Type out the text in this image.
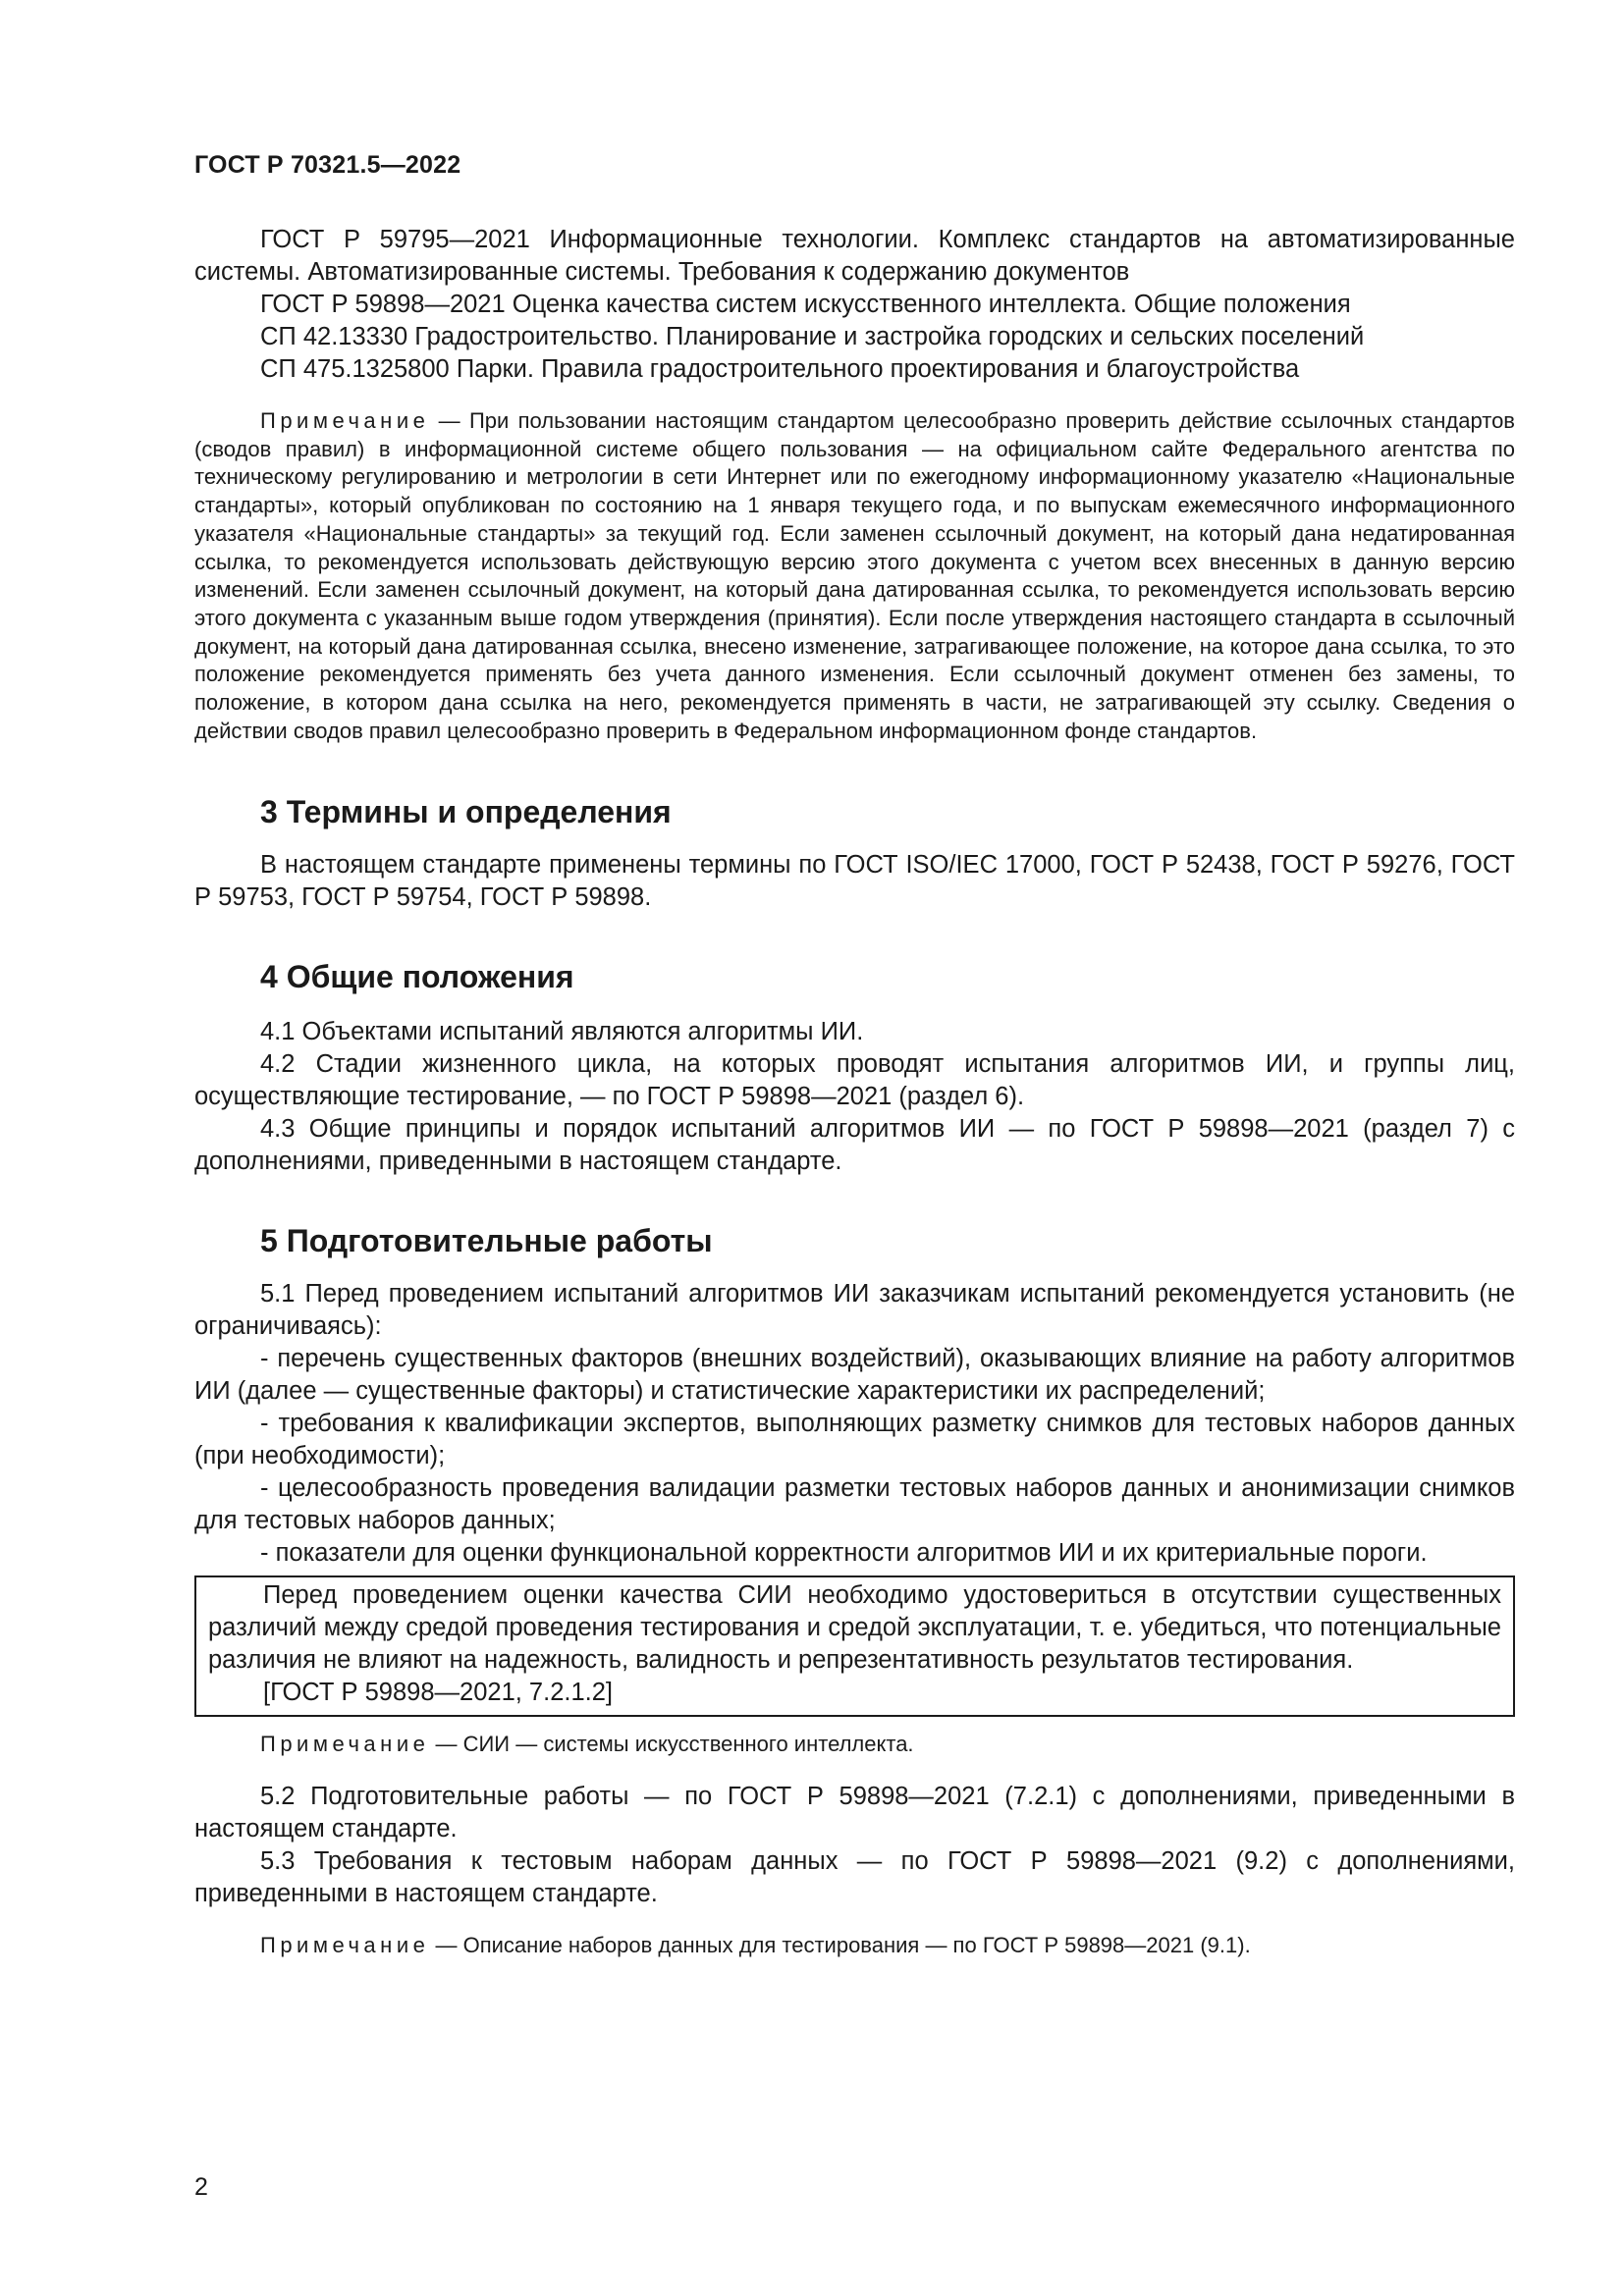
ГОСТ Р 70321.5—2022

ГОСТ Р 59795—2021 Информационные технологии. Комплекс стандартов на автоматизированные системы. Автоматизированные системы. Требования к содержанию документов

ГОСТ Р 59898—2021 Оценка качества систем искусственного интеллекта. Общие положения

СП 42.13330 Градостроительство. Планирование и застройка городских и сельских поселений

СП 475.1325800 Парки. Правила градостроительного проектирования и благоустройства

Примечание — При пользовании настоящим стандартом целесообразно проверить действие ссылочных стандартов (сводов правил) в информационной системе общего пользования — на официальном сайте Федерального агентства по техническому регулированию и метрологии в сети Интернет или по ежегодному информационному указателю «Национальные стандарты», который опубликован по состоянию на 1 января текущего года, и по выпускам ежемесячного информационного указателя «Национальные стандарты» за текущий год. Если заменен ссылочный документ, на который дана недатированная ссылка, то рекомендуется использовать действующую версию этого документа с учетом всех внесенных в данную версию изменений. Если заменен ссылочный документ, на который дана датированная ссылка, то рекомендуется использовать версию этого документа с указанным выше годом утверждения (принятия). Если после утверждения настоящего стандарта в ссылочный документ, на который дана датированная ссылка, внесено изменение, затрагивающее положение, на которое дана ссылка, то это положение рекомендуется применять без учета данного изменения. Если ссылочный документ отменен без замены, то положение, в котором дана ссылка на него, рекомендуется применять в части, не затрагивающей эту ссылку. Сведения о действии сводов правил целесообразно проверить в Федеральном информационном фонде стандартов.
3 Термины и определения

В настоящем стандарте применены термины по ГОСТ ISO/IEC 17000, ГОСТ Р 52438, ГОСТ Р 59276, ГОСТ Р 59753, ГОСТ Р 59754, ГОСТ Р 59898.

4 Общие положения

4.1 Объектами испытаний являются алгоритмы ИИ.

4.2 Стадии жизненного цикла, на которых проводят испытания алгоритмов ИИ, и группы лиц, осуществляющие тестирование, — по ГОСТ Р 59898—2021 (раздел 6).

4.3 Общие принципы и порядок испытаний алгоритмов ИИ — по ГОСТ Р 59898—2021 (раздел 7) с дополнениями, приведенными в настоящем стандарте.

5 Подготовительные работы

5.1 Перед проведением испытаний алгоритмов ИИ заказчикам испытаний рекомендуется установить (не ограничиваясь):

- перечень существенных факторов (внешних воздействий), оказывающих влияние на работу алгоритмов ИИ (далее — существенные факторы) и статистические характеристики их распределений;

- требования к квалификации экспертов, выполняющих разметку снимков для тестовых наборов данных (при необходимости);

- целесообразность проведения валидации разметки тестовых наборов данных и анонимизации снимков для тестовых наборов данных;

- показатели для оценки функциональной корректности алгоритмов ИИ и их критериальные пороги.

Перед проведением оценки качества СИИ необходимо удостовериться в отсутствии существенных различий между средой проведения тестирования и средой эксплуатации, т. е. убедиться, что потенциальные различия не влияют на надежность, валидность и репрезентативность результатов тестирования.

[ГОСТ Р 59898—2021, 7.2.1.2]

Примечание — СИИ — системы искусственного интеллекта.

5.2 Подготовительные работы — по ГОСТ Р 59898—2021 (7.2.1) с дополнениями, приведенными в настоящем стандарте.

5.3 Требования к тестовым наборам данных — по ГОСТ Р 59898—2021 (9.2) с дополнениями, приведенными в настоящем стандарте.

Примечание — Описание наборов данных для тестирования — по ГОСТ Р 59898—2021 (9.1).
2
